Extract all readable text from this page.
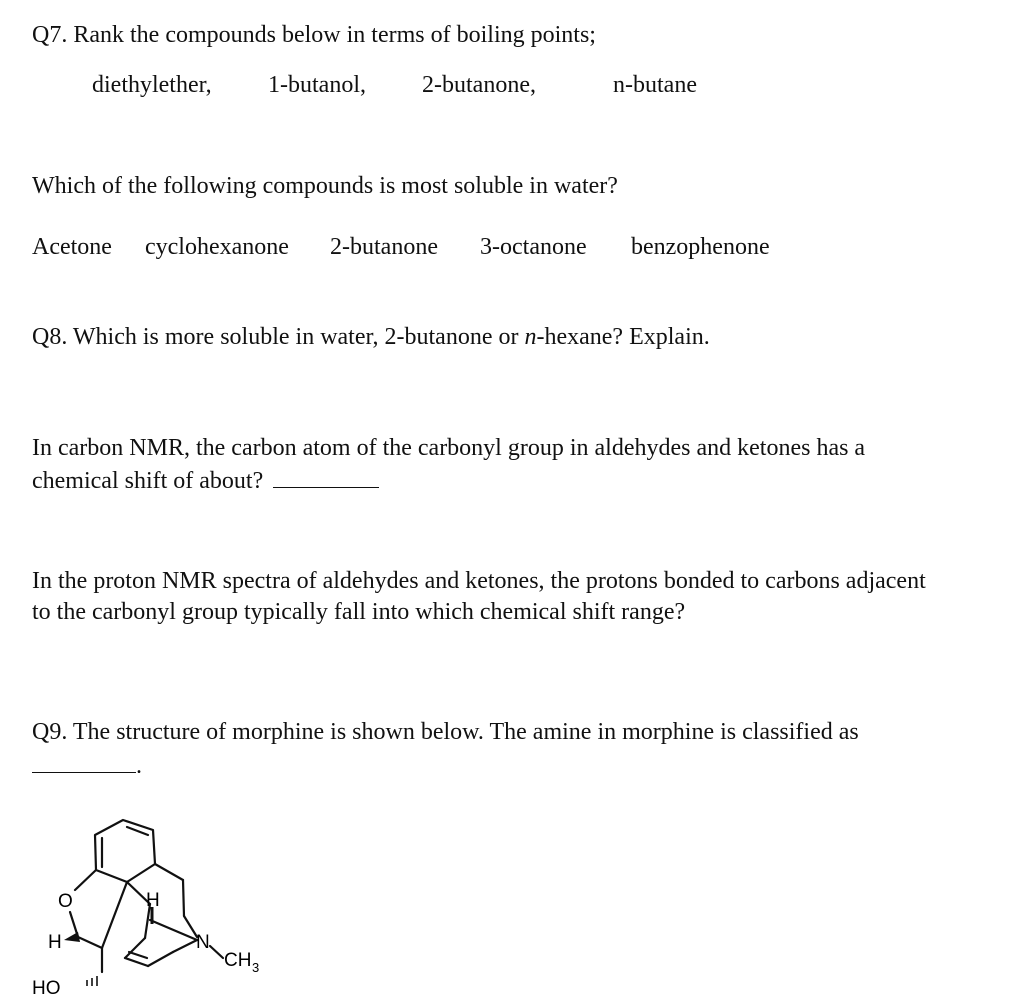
Q7. Rank the compounds below in terms of boiling points;
diethylether, 1-butanol, 2-butanone,	n-butane
Which of the following compounds is most soluble in water?
Acetone cyclohexanone 2-butanone 3-octanone benzophenone
Q8. Which is more soluble in water, 2-butanone or n-hexane? Explain.
In carbon NMR, the carbon atom of the carbonyl group in aldehydes and ketones has a
chemical shift of about?
In the proton NMR spectra of aldehydes and ketones, the protons bonded to carbons adjacent
to the carbonyl group typically fall into which chemical shift range?
Q9. The structure of morphine is shown below. The amine in morphine is classified as
.
O	H
H	N
CH 3
HO
